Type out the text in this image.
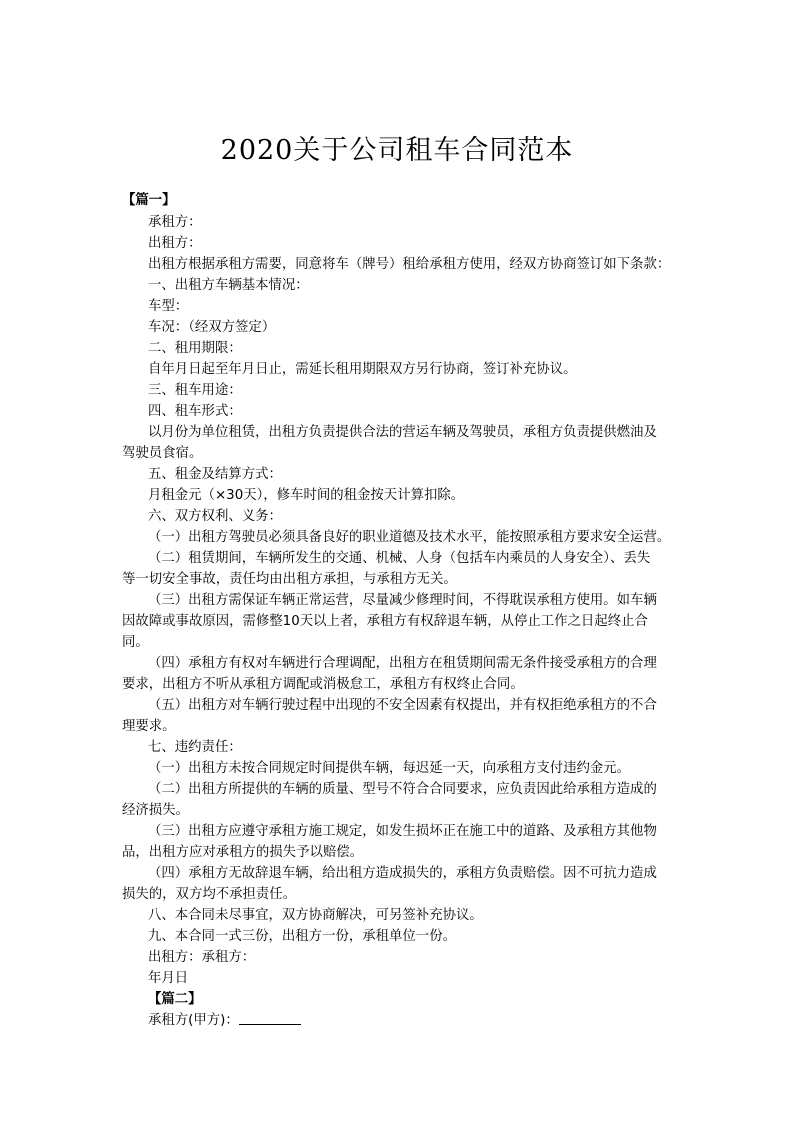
2020关于公司租车合同范本
【篇一】
承租方：
出租方：
出租方根据承租方需要，同意将车（牌号）租给承租方使用，经双方协商签订如下条款：
一、出租方车辆基本情况：
车型：
车况：（经双方签定）
二、租用期限：
自年月日起至年月日止，需延长租用期限双方另行协商，签订补充协议。
三、租车用途：
四、租车形式：
以月份为单位租赁，出租方负责提供合法的营运车辆及驾驶员，承租方负责提供燃油及
驾驶员食宿。
五、租金及结算方式：
月租金元（×30天），修车时间的租金按天计算扣除。
六、双方权利、义务：
（一）出租方驾驶员必须具备良好的职业道德及技术水平，能按照承租方要求安全运营。
（二）租赁期间，车辆所发生的交通、机械、人身（包括车内乘员的人身安全）、丢失
等一切安全事故，责任均由出租方承担，与承租方无关。
（三）出租方需保证车辆正常运营，尽量减少修理时间，不得耽误承租方使用。如车辆
因故障或事故原因，需修整10天以上者，承租方有权辞退车辆，从停止工作之日起终止合
同。
（四）承租方有权对车辆进行合理调配，出租方在租赁期间需无条件接受承租方的合理
要求，出租方不听从承租方调配或消极怠工，承租方有权终止合同。
（五）出租方对车辆行驶过程中出现的不安全因素有权提出，并有权拒绝承租方的不合
理要求。
七、违约责任：
（一）出租方未按合同规定时间提供车辆，每迟延一天，向承租方支付违约金元。
（二）出租方所提供的车辆的质量、型号不符合合同要求，应负责因此给承租方造成的
经济损失。
（三）出租方应遵守承租方施工规定，如发生损坏正在施工中的道路、及承租方其他物
品，出租方应对承租方的损失予以赔偿。
（四）承租方无故辞退车辆，给出租方造成损失的，承租方负责赔偿。因不可抗力造成
损失的，双方均不承担责任。
八、本合同未尽事宜，双方协商解决，可另签补充协议。
九、本合同一式三份，出租方一份，承租单位一份。
出租方：承租方：
年月日
【篇二】
承租方(甲方)：
